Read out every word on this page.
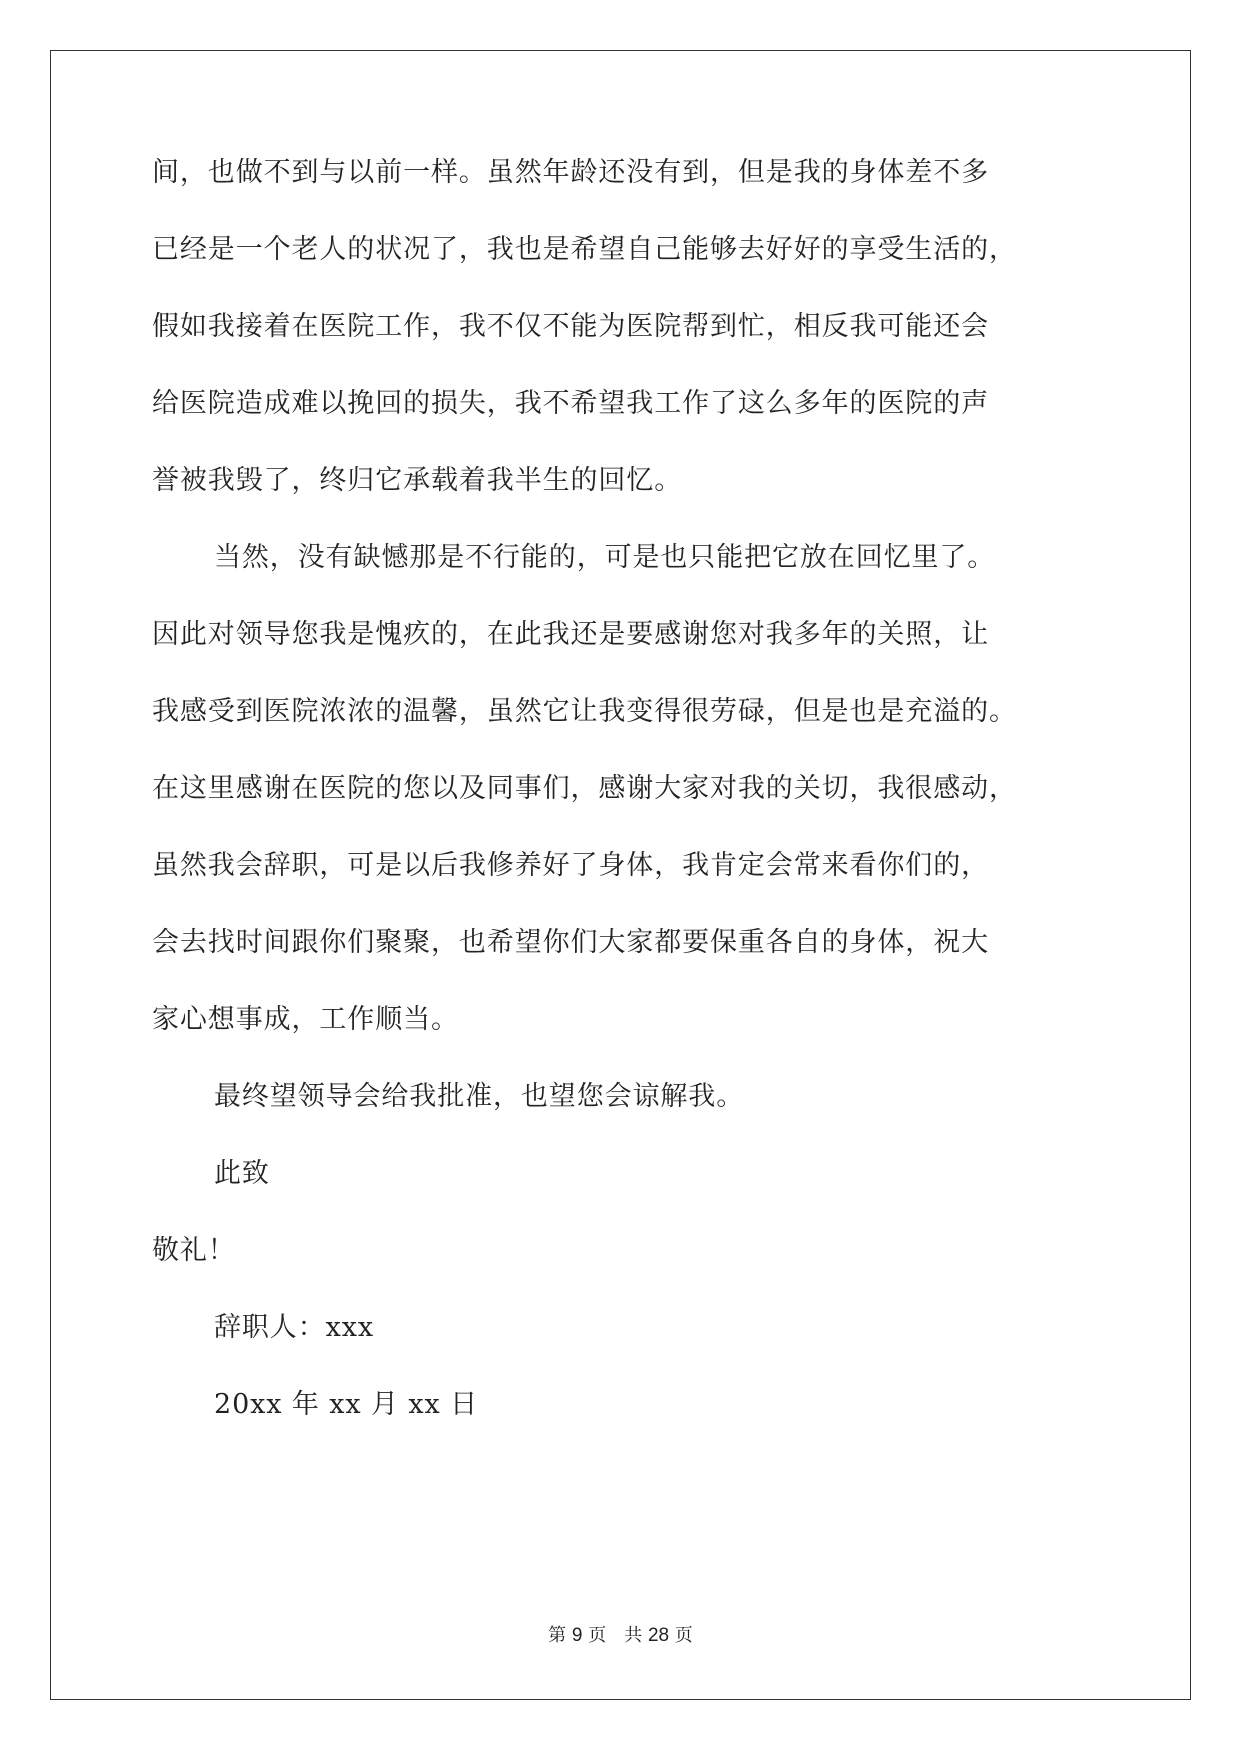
间，也做不到与以前一样。虽然年龄还没有到，但是我的身体差不多
已经是一个老人的状况了，我也是希望自己能够去好好的享受生活的，
假如我接着在医院工作，我不仅不能为医院帮到忙，相反我可能还会
给医院造成难以挽回的损失，我不希望我工作了这么多年的医院的声
誉被我毁了，终归它承载着我半生的回忆。
当然，没有缺憾那是不行能的，可是也只能把它放在回忆里了。
因此对领导您我是愧疚的，在此我还是要感谢您对我多年的关照，让
我感受到医院浓浓的温馨，虽然它让我变得很劳碌，但是也是充溢的。
在这里感谢在医院的您以及同事们，感谢大家对我的关切，我很感动，
虽然我会辞职，可是以后我修养好了身体，我肯定会常来看你们的，
会去找时间跟你们聚聚，也希望你们大家都要保重各自的身体，祝大
家心想事成，工作顺当。
最终望领导会给我批准，也望您会谅解我。
此致
敬礼！
辞职人：xxx
20xx 年 xx 月 xx 日
第 9 页　共 28 页
